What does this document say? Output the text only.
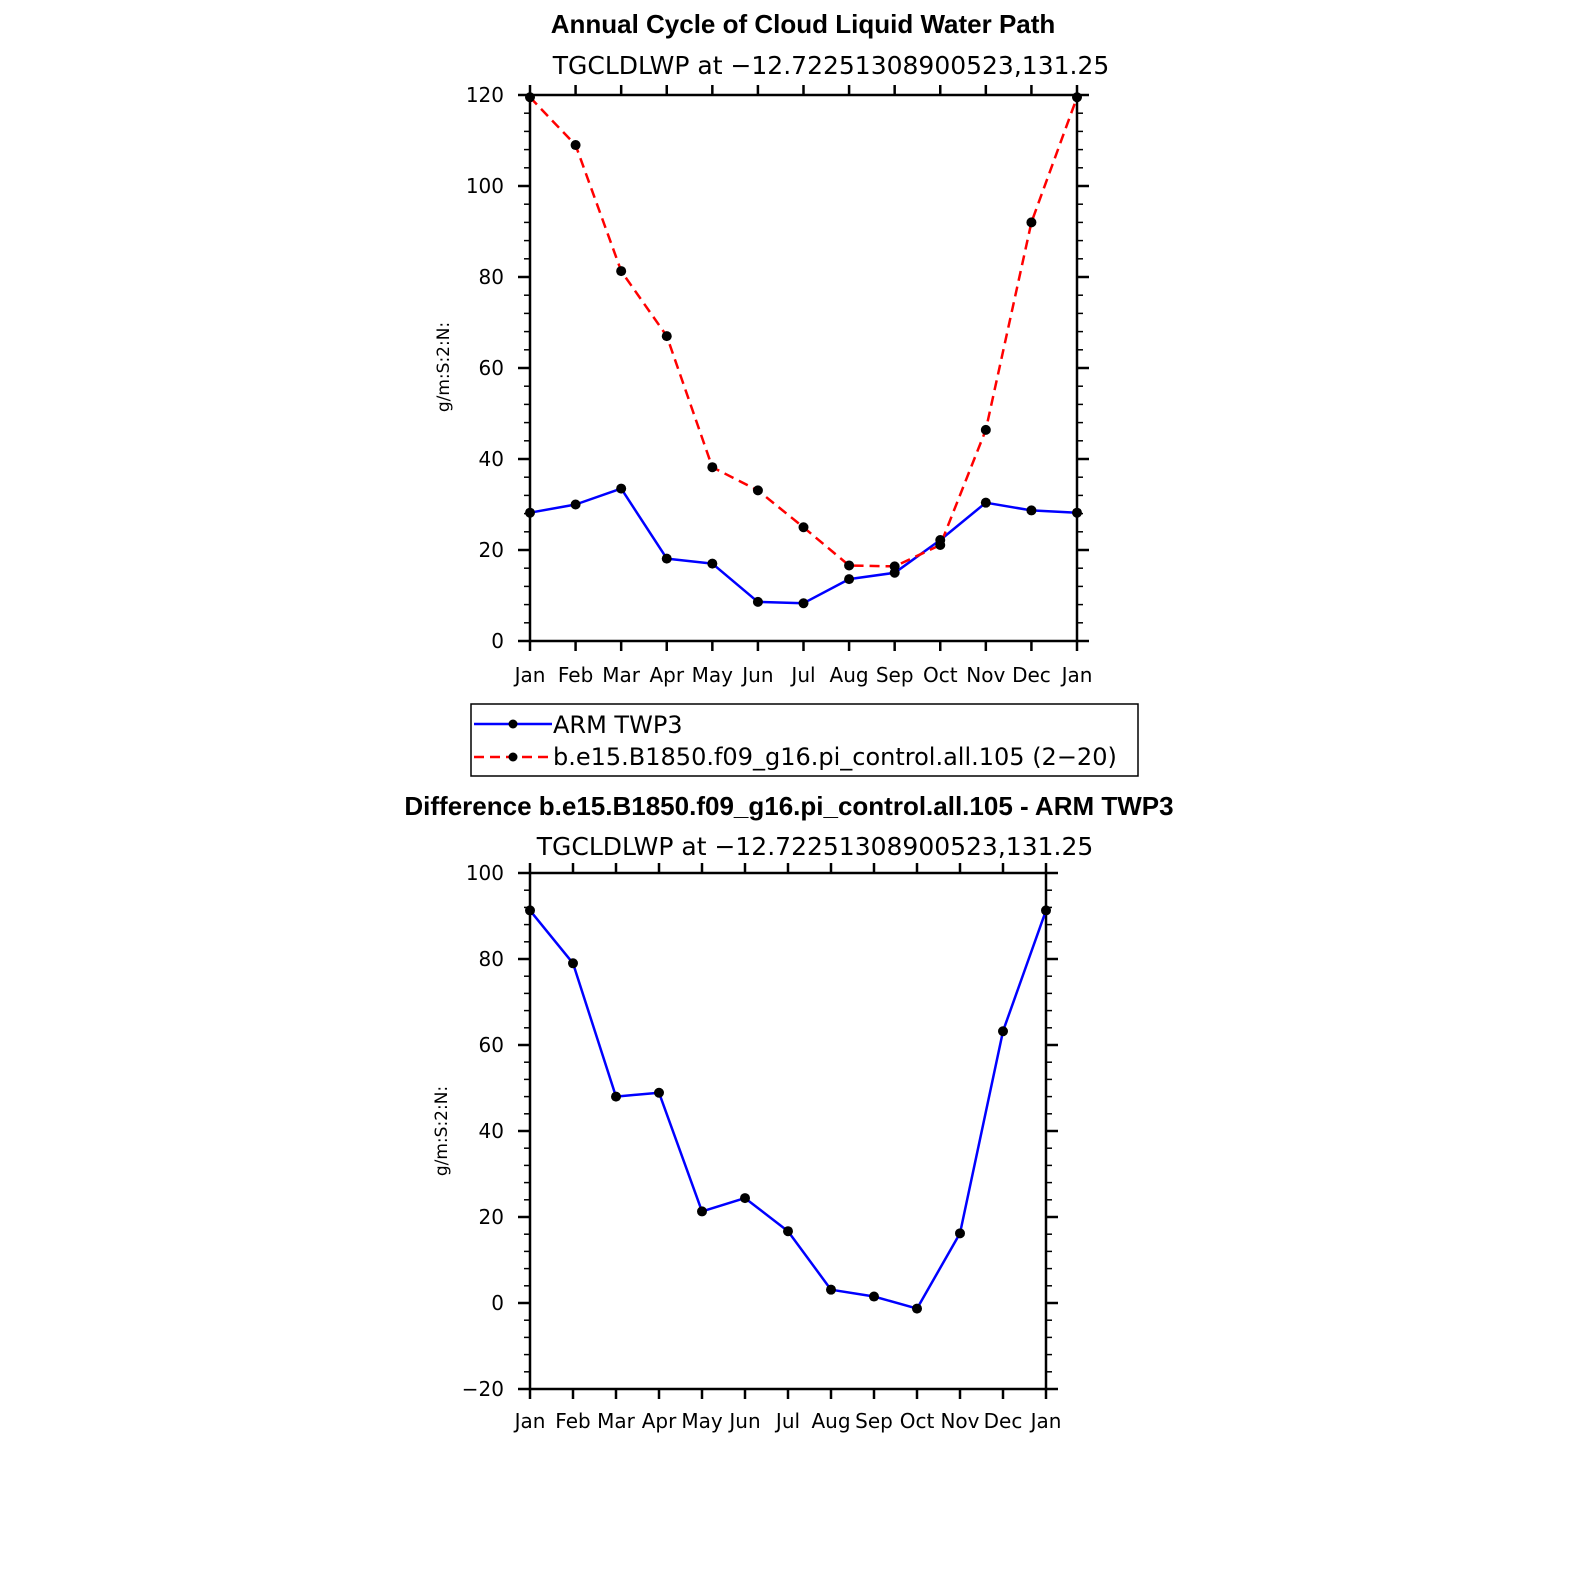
Annual Cycle of Cloud Liquid Water Path
TGCLDLWP at −12.72251308900523,131.25
g/m:S:2:N:
Jan Feb Mar Apr May Jun Jul Aug Sep Oct Nov Dec Jan
0
20
40
60
80
100
120
ARM TWP3
b.e15.B1850.f09_g16.pi_control.all.105 (2−20)
Difference b.e15.B1850.f09_g16.pi_control.all.105 - ARM TWP3
TGCLDLWP at −12.72251308900523,131.25
g/m:S:2:N:
Jan Feb Mar Apr May Jun Jul Aug Sep Oct Nov Dec Jan
−20
0
20
40
60
80
100
